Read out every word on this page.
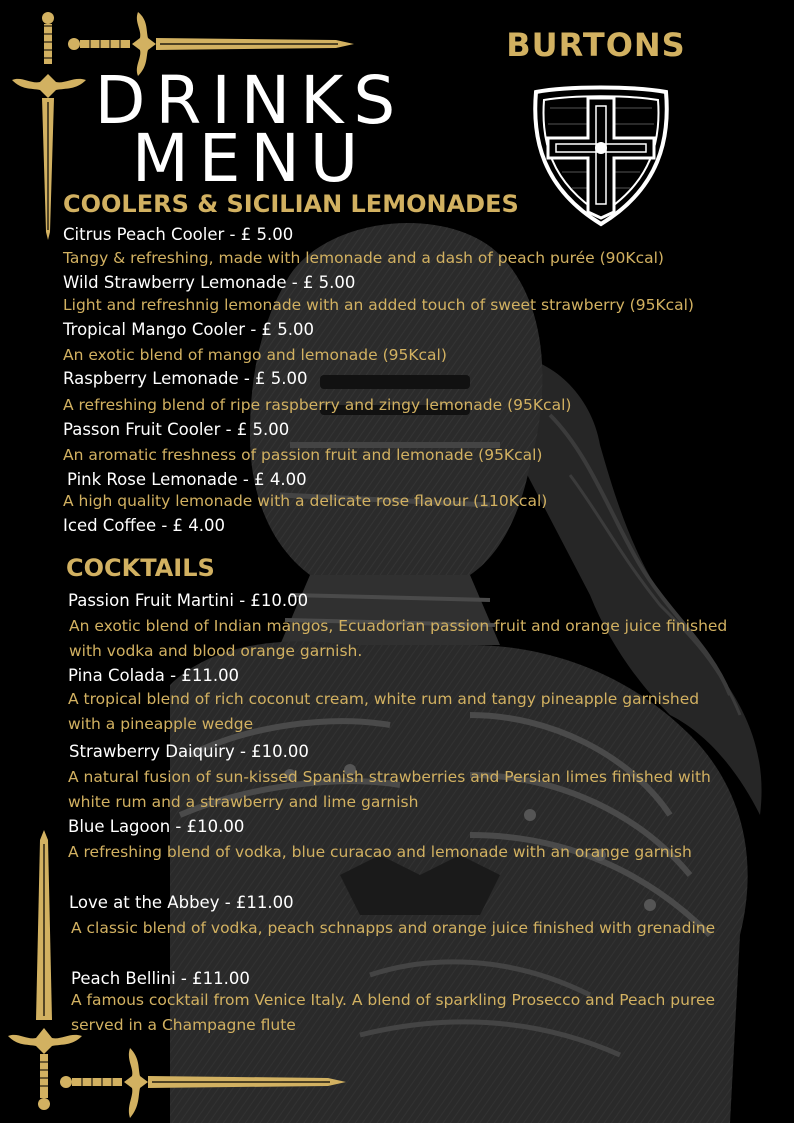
DRINKS
MENU
BURTONS
COOLERS & SICILIAN LEMONADES
Citrus Peach Cooler - £ 5.00
Tangy & refreshing, made with lemonade and a dash of peach purée (90Kcal)
Wild Strawberry Lemonade - £ 5.00
Light and refreshnig lemonade with an added touch of sweet strawberry (95Kcal)
Tropical Mango Cooler - £ 5.00
An exotic blend of mango and lemonade (95Kcal)
Raspberry Lemonade - £ 5.00
A refreshing blend of ripe raspberry and zingy lemonade (95Kcal)
Passon Fruit Cooler - £ 5.00
An aromatic freshness of passion fruit and lemonade (95Kcal)
Pink Rose Lemonade - £ 4.00
A high quality lemonade with a delicate rose flavour (110Kcal)
Iced Coffee - £ 4.00
COCKTAILS
Passion Fruit Martini - £10.00
An exotic blend of Indian mangos, Ecuadorian passion fruit and orange juice finished with vodka and blood orange garnish.
Pina Colada - £11.00
A tropical blend of rich coconut cream, white rum and tangy pineapple garnished with a pineapple wedge
Strawberry Daiquiry - £10.00
A natural fusion of sun-kissed Spanish strawberries and Persian limes finished with white rum and a strawberry and lime garnish
Blue Lagoon - £10.00
A refreshing blend of vodka, blue curacao and lemonade with an orange garnish
Love at the Abbey - £11.00
A classic blend of vodka, peach schnapps and orange juice finished with grenadine
Peach Bellini - £11.00
A famous cocktail from Venice Italy. A blend of sparkling Prosecco and Peach puree served in a Champagne flute
